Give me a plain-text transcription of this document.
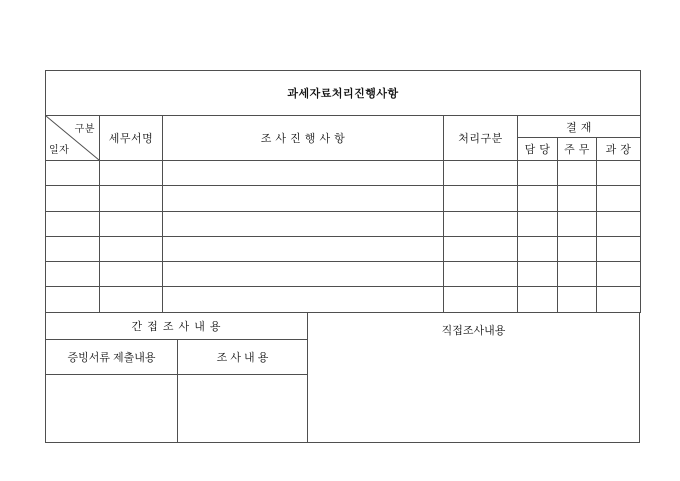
과세자료처리진행사항						

구분
일자	세무서명	조 사 진 행 사 항	처리구분	결 재		
				담 당	주 무	과 장

간 접 조 사 내 용
증빙서류 제출내용	조 사 내 용
직접조사내용
